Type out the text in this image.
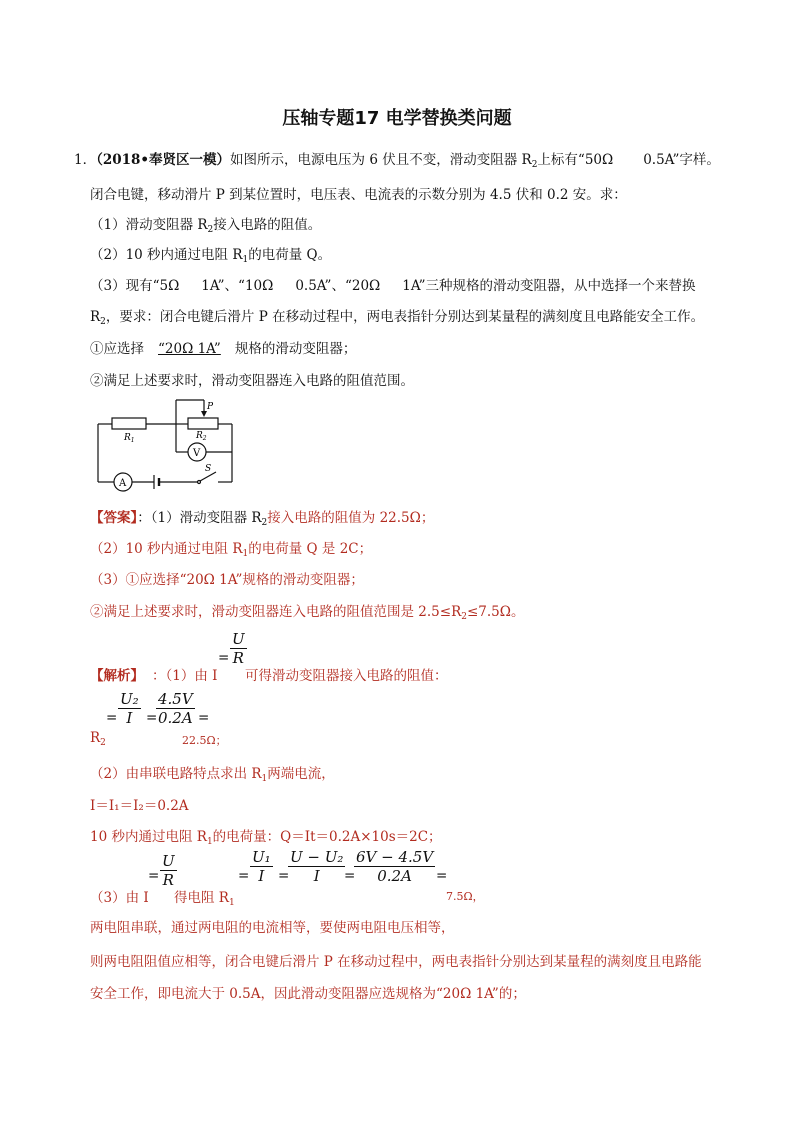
压轴专题17 电学替换类问题
1．（2018•奉贤区一模）如图所示，电源电压为 6 伏且不变，滑动变阻器 $R_2$上标有“50Ω 0.5A”字样。
闭合电键，移动滑片 P 到某位置时，电压表、电流表的示数分别为 4.5 伏和 0.2 安。求：
（1）滑动变阻器 $R_2$接入电路的阻值。
（2）10 秒内通过电阻 $R_1$的电荷量 Q。
（3）现有“5Ω 1A”、“10Ω 0.5A”、“20Ω 1A”三种规格的滑动变阻器，从中选择一个来替换
$R_2$，要求：闭合电键后滑片 P 在移动过程中，两电表指针分别达到某量程的满刻度且电路能安全工作。
①应选择 “20Ω 1A” 规格的滑动变阻器；
②满足上述要求时，滑动变阻器连入电路的阻值范围。
P
$R_1$	$R_2$
V
A
S
【答案】：（1）滑动变阻器 $R_2$接入电路的阻值为 22.5Ω；
（2）10 秒内通过电阻 $R_1$的电荷量 Q 是 2C；
（3）①应选择“20Ω 1A”规格的滑动变阻器；
②满足上述要求时，滑动变阻器连入电路的阻值范围是 $2.5\le R_2\le 7.5\Omega$。
【解析】 ：（1）由 I
= $\frac{U}{R}$
可得滑动变阻器接入电路的阻值：
$R_2$
= $\frac{\text{U₂}}{I}$ =
$\frac{4.5V}{0.2A}$ =
22.5Ω；
（2）由串联电路特点求出 $R_1$两端电流，
I＝I₁＝I₂＝0.2A
10 秒内通过电阻 $R_1$的电荷量：Q＝It＝0.2A×10s＝2C；
（3）由 I
= $\frac{U}{R}$
得电阻 $R_1$
= $\frac{\text{U₁}}{I}$ =
$\frac{\text{U − U₂}}{I}$
=
$\frac{6V - 4.5V}{0.2A}$ =
7.5Ω，
两电阻串联，通过两电阻的电流相等，要使两电阻电压相等，
则两电阻阻值应相等，闭合电键后滑片 P 在移动过程中，两电表指针分别达到某量程的满刻度且电路能
安全工作，即电流大于 0.5A，因此滑动变阻器应选规格为“20Ω 1A”的；
